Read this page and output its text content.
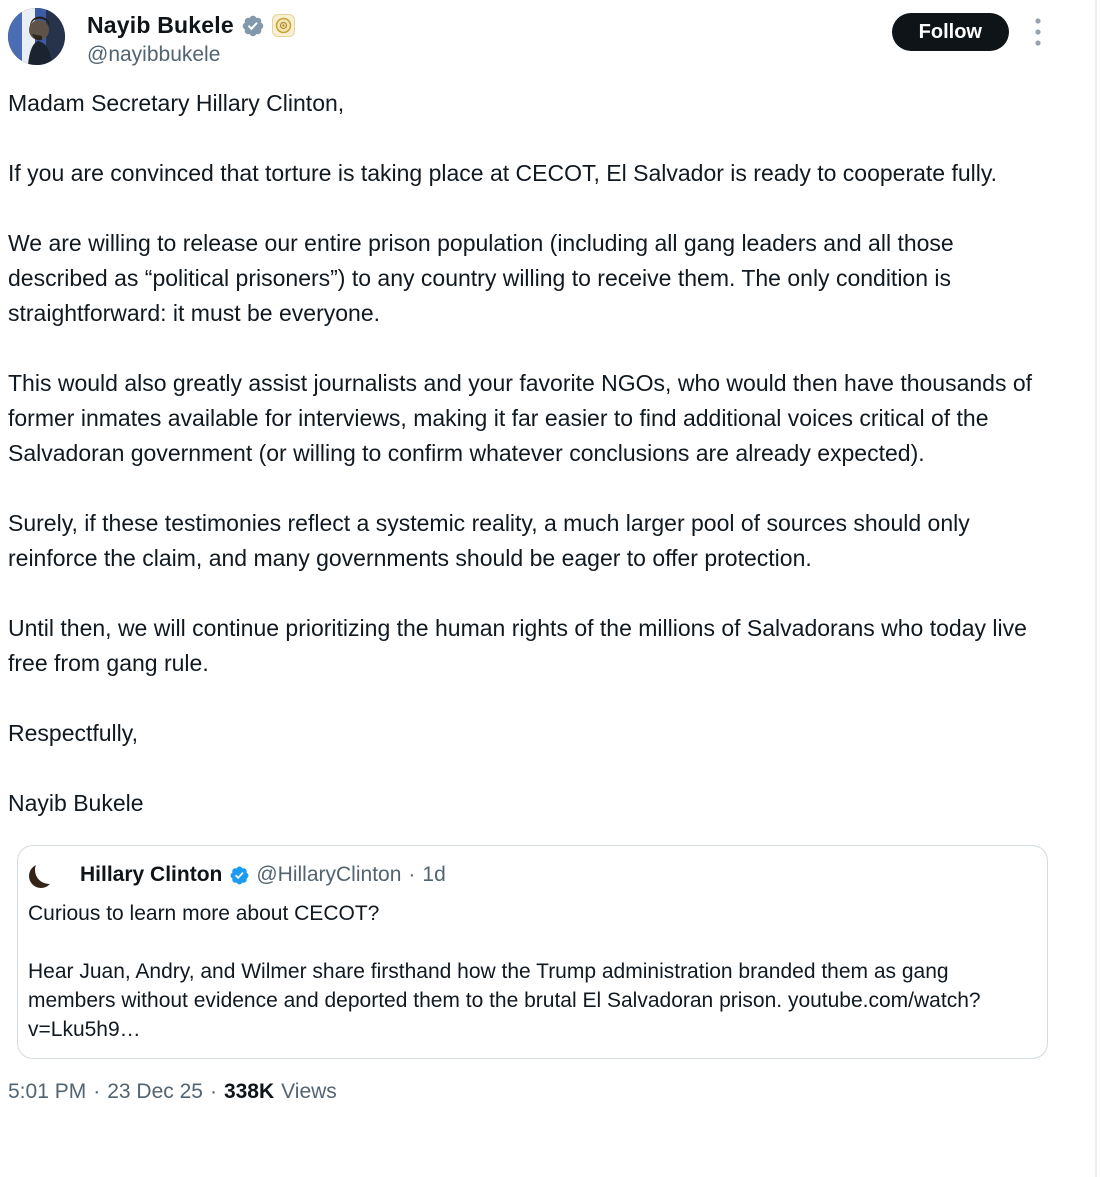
Nayib Bukele
@nayibbukele
Follow

Madam Secretary Hillary Clinton,

If you are convinced that torture is taking place at CECOT, El Salvador is ready to cooperate fully.

We are willing to release our entire prison population (including all gang leaders and all those described as “political prisoners”) to any country willing to receive them. The only condition is straightforward: it must be everyone.

This would also greatly assist journalists and your favorite NGOs, who would then have thousands of former inmates available for interviews, making it far easier to find additional voices critical of the Salvadoran government (or willing to confirm whatever conclusions are already expected).

Surely, if these testimonies reflect a systemic reality, a much larger pool of sources should only reinforce the claim, and many governments should be eager to offer protection.

Until then, we will continue prioritizing the human rights of the millions of Salvadorans who today live free from gang rule.

Respectfully,

Nayib Bukele

Hillary Clinton @HillaryClinton · 1d

Curious to learn more about CECOT?

Hear Juan, Andry, and Wilmer share firsthand how the Trump administration branded them as gang members without evidence and deported them to the brutal El Salvadoran prison. youtube.com/watch?v=Lku5h9…

5:01 PM · 23 Dec 25 · 338K Views
